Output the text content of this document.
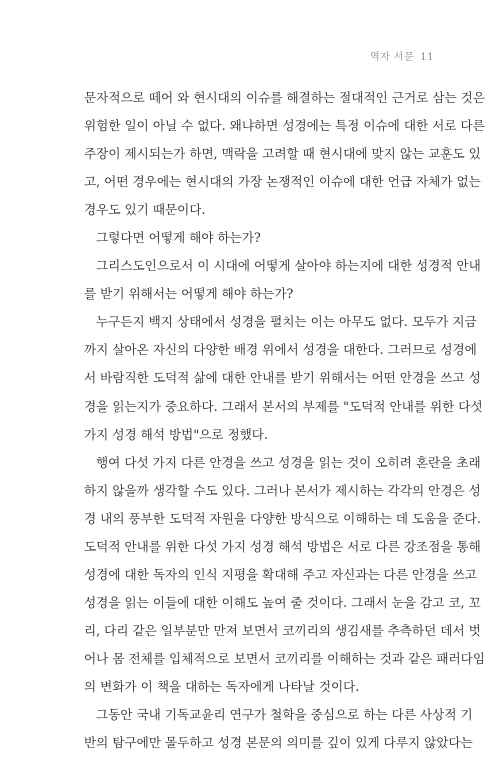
역자 서문 11
문자적으로 떼어 와 현시대의 이슈를 해결하는 절대적인 근거로 삼는 것은
위험한 일이 아닐 수 없다. 왜냐하면 성경에는 특정 이슈에 대한 서로 다른
주장이 제시되는가 하면, 맥락을 고려할 때 현시대에 맞지 않는 교훈도 있
고, 어떤 경우에는 현시대의 가장 논쟁적인 이슈에 대한 언급 자체가 없는
경우도 있기 때문이다.
그렇다면 어떻게 해야 하는가?
그리스도인으로서 이 시대에 어떻게 살아야 하는지에 대한 성경적 안내
를 받기 위해서는 어떻게 해야 하는가?
누구든지 백지 상태에서 성경을 펼치는 이는 아무도 없다. 모두가 지금
까지 살아온 자신의 다양한 배경 위에서 성경을 대한다. 그러므로 성경에
서 바람직한 도덕적 삶에 대한 안내를 받기 위해서는 어떤 안경을 쓰고 성
경을 읽는지가 중요하다. 그래서 본서의 부제를 "도덕적 안내를 위한 다섯
가지 성경 해석 방법"으로 정했다.
행여 다섯 가지 다른 안경을 쓰고 성경을 읽는 것이 오히려 혼란을 초래
하지 않을까 생각할 수도 있다. 그러나 본서가 제시하는 각각의 안경은 성
경 내의 풍부한 도덕적 자원을 다양한 방식으로 이해하는 데 도움을 준다.
도덕적 안내를 위한 다섯 가지 성경 해석 방법은 서로 다른 강조점을 통해
성경에 대한 독자의 인식 지평을 확대해 주고 자신과는 다른 안경을 쓰고
성경을 읽는 이들에 대한 이해도 높여 줄 것이다. 그래서 눈을 감고 코, 꼬
리, 다리 같은 일부분만 만져 보면서 코끼리의 생김새를 추측하던 데서 벗
어나 몸 전체를 입체적으로 보면서 코끼리를 이해하는 것과 같은 패러다임
의 변화가 이 책을 대하는 독자에게 나타날 것이다.
그동안 국내 기독교윤리 연구가 철학을 중심으로 하는 다른 사상적 기
반의 탐구에만 몰두하고 성경 본문의 의미를 깊이 있게 다루지 않았다는
